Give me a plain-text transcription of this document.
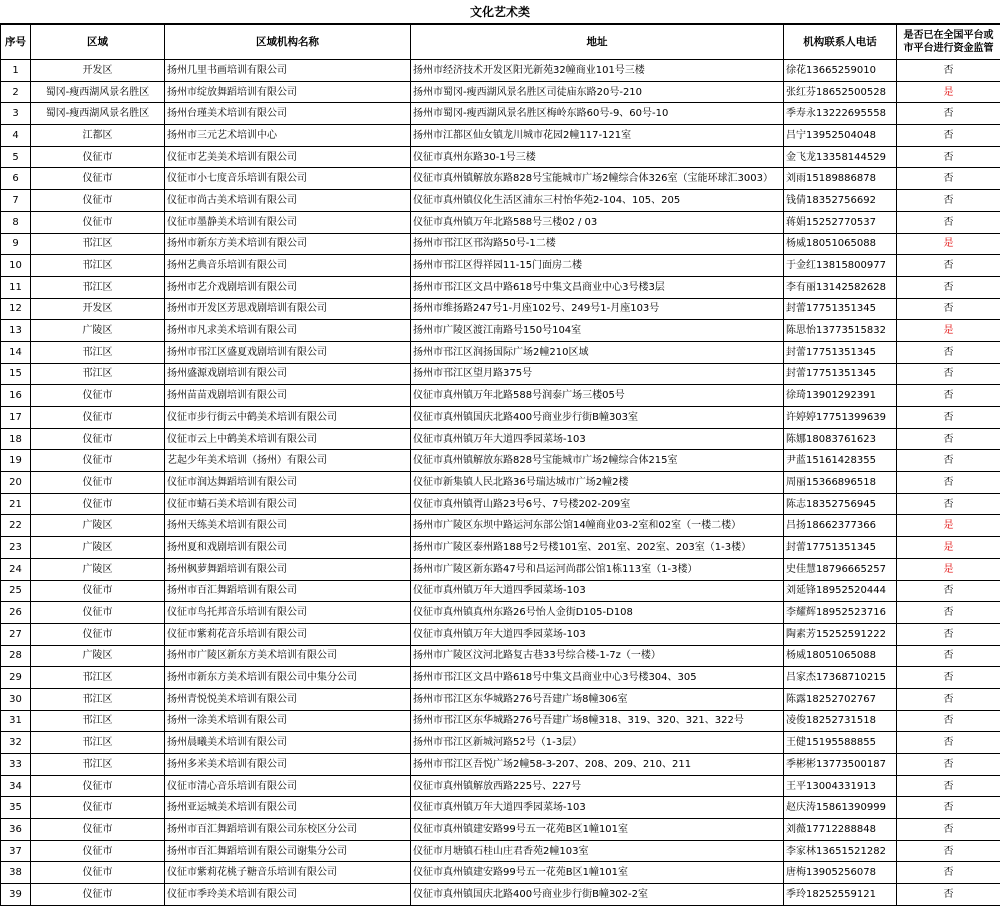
文化艺术类
序号	区域	区域机构名称	地址	机构联系人电话	是否已在全国平台或市平台进行资金监管
1	开发区	扬州几里书画培训有限公司	扬州市经济技术开发区阳光新苑32幢商业101号三楼	徐花13665259010	否
2	蜀冈-瘦西湖风景名胜区	扬州市绽放舞蹈培训有限公司	扬州市蜀冈-瘦西湖风景名胜区司徒庙东路20号-210	张红芬18652500528	是
3	蜀冈-瘦西湖风景名胜区	扬州台瑾美术培训有限公司	扬州市蜀冈-瘦西湖风景名胜区梅岭东路60号-9、60号-10	季寿永13222695558	否
4	江都区	扬州市三元艺术培训中心	扬州市江都区仙女镇龙川城市花园2幢117-121室	吕宁13952504048	否
5	仪征市	仪征市艺美美术培训有限公司	仪征市真州东路30-1号三楼	金飞龙13358144529	否
6	仪征市	仪征市小七度音乐培训有限公司	仪征市真州镇解放东路828号宝能城市广场2幢综合体326室（宝能环球汇3003）	刘雨15189886878	否
7	仪征市	仪征市尚古美术培训有限公司	仪征市真州镇仪化生活区浦东三村怡华苑2-104、105、205	钱倩18352756692	否
8	仪征市	仪征市墨静美术培训有限公司	仪征市真州镇万年北路588号三楼02 / 03	蒋娟15252770537	否
9	邗江区	扬州市新东方美术培训有限公司	扬州市邗江区邗沟路50号-1二楼	杨威18051065088	是
10	邗江区	扬州艺典音乐培训有限公司	扬州市邗江区得祥园11-15门面房二楼	于金红13815800977	否
11	邗江区	扬州市艺介戏剧培训有限公司	扬州市邗江区文昌中路618号中集文昌商业中心3号楼3层	李有丽13142582628	否
12	开发区	扬州市开发区芳思戏剧培训有限公司	扬州市维扬路247号1-月座102号、249号1-月座103号	封蕾17751351345	否
13	广陵区	扬州市凡求美术培训有限公司	扬州市广陵区渡江南路号150号104室	陈思怡13773515832	是
14	邗江区	扬州市邗江区盛夏戏剧培训有限公司	扬州市邗江区润扬国际广场2幢210区域	封蕾17751351345	否
15	邗江区	扬州盛源戏剧培训有限公司	扬州市邗江区望月路375号	封蕾17751351345	否
16	仪征市	扬州苗苗戏剧培训有限公司	仪征市真州镇万年北路588号润泰广场三楼05号	徐琦13901292391	否
17	仪征市	仪征市步行街云中鹤美术培训有限公司	仪征市真州镇国庆北路400号商业步行街B幢303室	许婷婷17751399639	否
18	仪征市	仪征市云上中鹤美术培训有限公司	仪征市真州镇万年大道四季园菜场-103	陈娜18083761623	否
19	仪征市	艺起少年美术培训（扬州）有限公司	仪征市真州镇解放东路828号宝能城市广场2幢综合体215室	尹蓝15161428355	否
20	仪征市	仪征市润达舞蹈培训有限公司	仪征市新集镇人民北路36号瑞达城市广场2幢2楼	周丽15366896518	否
21	仪征市	仪征市蜻石美术培训有限公司	仪征市真州镇胥山路23号6号、7号楼202-209室	陈志18352756945	否
22	广陵区	扬州天练美术培训有限公司	扬州市广陵区东坝中路运河东部公馆14幢商业03-2室和02室（一楼二楼）	吕扬18662377366	是
23	广陵区	扬州夏和戏剧培训有限公司	扬州市广陵区泰州路188号2号楼101室、201室、202室、203室（1-3楼）	封蕾17751351345	是
24	广陵区	扬州枫萝舞蹈培训有限公司	扬州市广陵区新东路47号和昌运河尚郡公馆1栋113室（1-3楼）	史佳慧18796665257	是
25	仪征市	扬州市百汇舞蹈培训有限公司	仪征市真州镇万年大道四季园菜场-103	刘延锋18952520444	否
26	仪征市	仪征市鸟托邦音乐培训有限公司	仪征市真州镇真州东路26号怡人金街D105-D108	李耀辉18952523716	否
27	仪征市	仪征市紫莉花音乐培训有限公司	仪征市真州镇万年大道四季园菜场-103	陶素芳15252591222	否
28	广陵区	扬州市广陵区新东方美术培训有限公司	扬州市广陵区汶河北路复古巷33号综合楼-1-7z（一楼）	杨威18051065088	否
29	邗江区	扬州市新东方美术培训有限公司中集分公司	扬州市邗江区文昌中路618号中集文昌商业中心3号楼304、305	吕家杰17368710215	否
30	邗江区	扬州青悦悦美术培训有限公司	扬州市邗江区东华城路276号吾建广场8幢306室	陈露18252702767	否
31	邗江区	扬州一涂美术培训有限公司	扬州市邗江区东华城路276号吾建广场8幢318、319、320、321、322号	凌俊18252731518	否
32	邗江区	扬州晨曦美术培训有限公司	扬州市邗江区新城河路52号（1-3层）	王健15195588855	否
33	邗江区	扬州多米美术培训有限公司	扬州市邗江区吾悦广场2幢58-3-207、208、209、210、211	季彬彬13773500187	否
34	仪征市	仪征市清心音乐培训有限公司	仪征市真州镇解放西路225号、227号	王平13004331913	否
35	仪征市	扬州亚运城美术培训有限公司	仪征市真州镇万年大道四季园菜场-103	赵庆涛15861390999	否
36	仪征市	扬州市百汇舞蹈培训有限公司东校区分公司	仪征市真州镇建安路99号五一花苑B区1幢101室	刘薇17712288848	否
37	仪征市	扬州市百汇舞蹈培训有限公司谢集分公司	仪征市月塘镇石桂山庄君香苑2幢103室	李家林13651521282	否
38	仪征市	仪征市紫莉花桃子糖音乐培训有限公司	仪征市真州镇建安路99号五一花苑B区1幢101室	唐梅13905256078	否
39	仪征市	仪征市季玲美术培训有限公司	仪征市真州镇国庆北路400号商业步行街B幢302-2室	季玲18252559121	否
